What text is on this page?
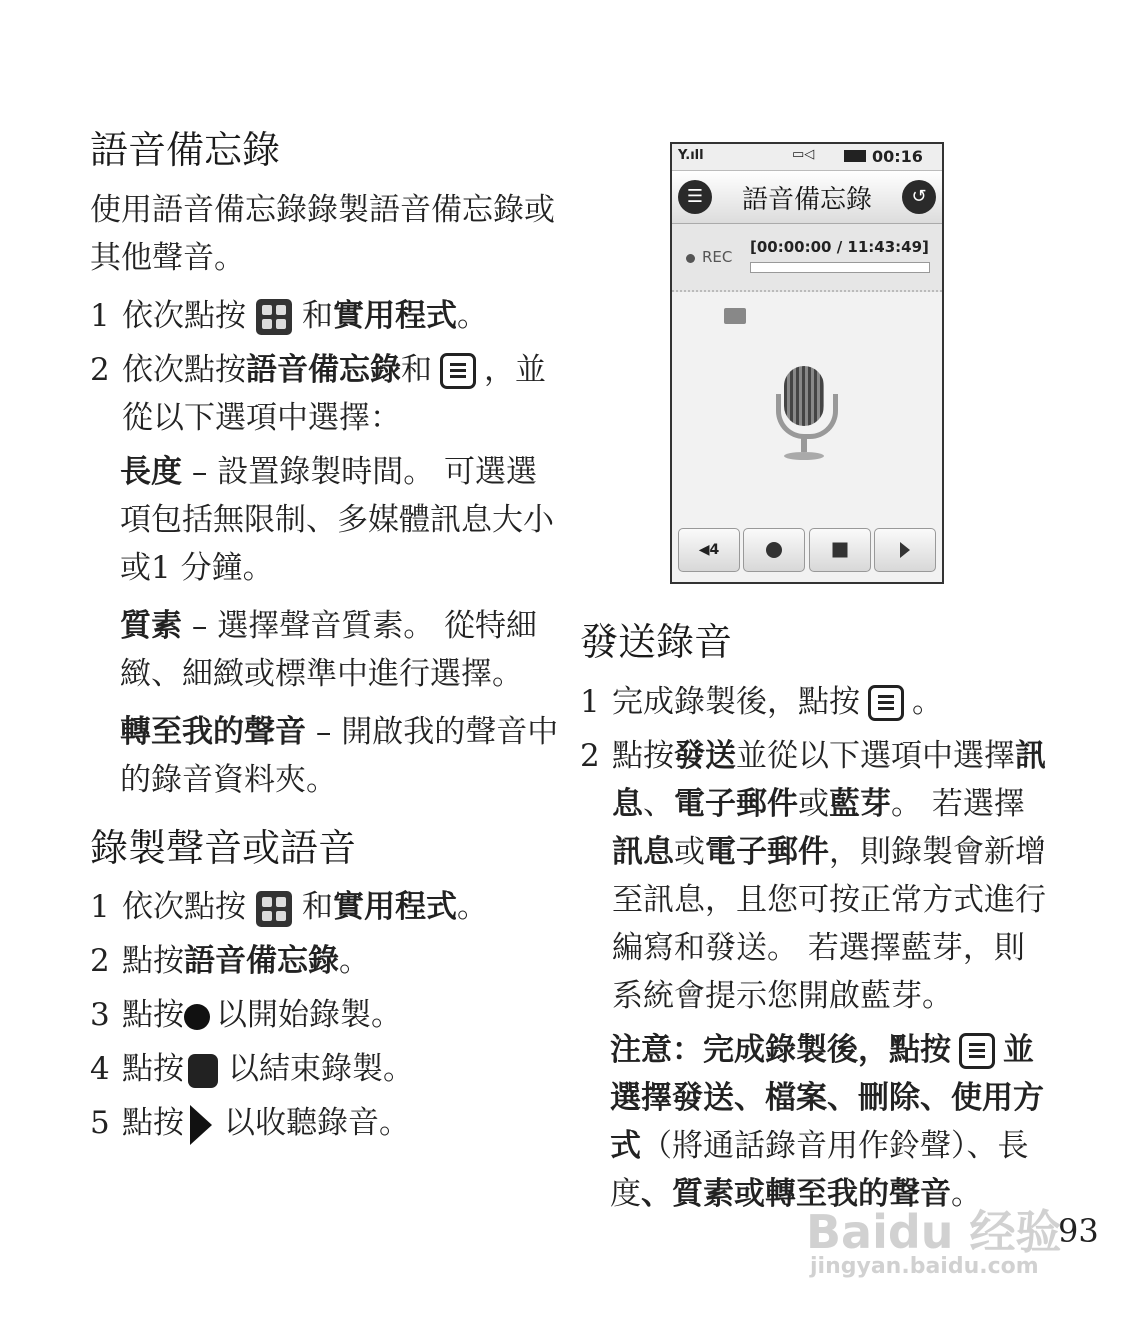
語音備忘錄

使用語音備忘錄錄製語音備忘錄或其他聲音。

1 依次點按 和實用程式。
2 依次點按語音備忘錄和 ，並從以下選項中選擇：

長度 – 設置錄製時間。 可選選項包括無限制、多媒體訊息大小或1 分鐘。

質素 – 選擇聲音質素。 從特細緻、細緻或標準中進行選擇。

轉至我的聲音 – 開啟我的聲音中的錄音資料夾。

錄製聲音或語音
1 依次點按 和實用程式。
2 點按語音備忘錄。
3 點按 以開始錄製。
4 點按 以結束錄製。
5 點按 以收聽錄音。
Y.ıll	▭◁	00:16
☰	語音備忘錄	↺
REC
[00:00:00 / 11:43:49]
◀4
發送錄音
1 完成錄製後，點按 。
2 點按發送並從以下選項中選擇訊息、電子郵件或藍芽。 若選擇訊息或電子郵件，則錄製會新增至訊息，且您可按正常方式進行編寫和發送。 若選擇藍芽，則系統會提示您開啟藍芽。

注意：完成錄製後，點按 並選擇發送、檔案、刪除、使用方式（將通話錄音用作鈴聲）、長度、質素或轉至我的聲音。

93
Baidu 经验
jingyan.baidu.com
